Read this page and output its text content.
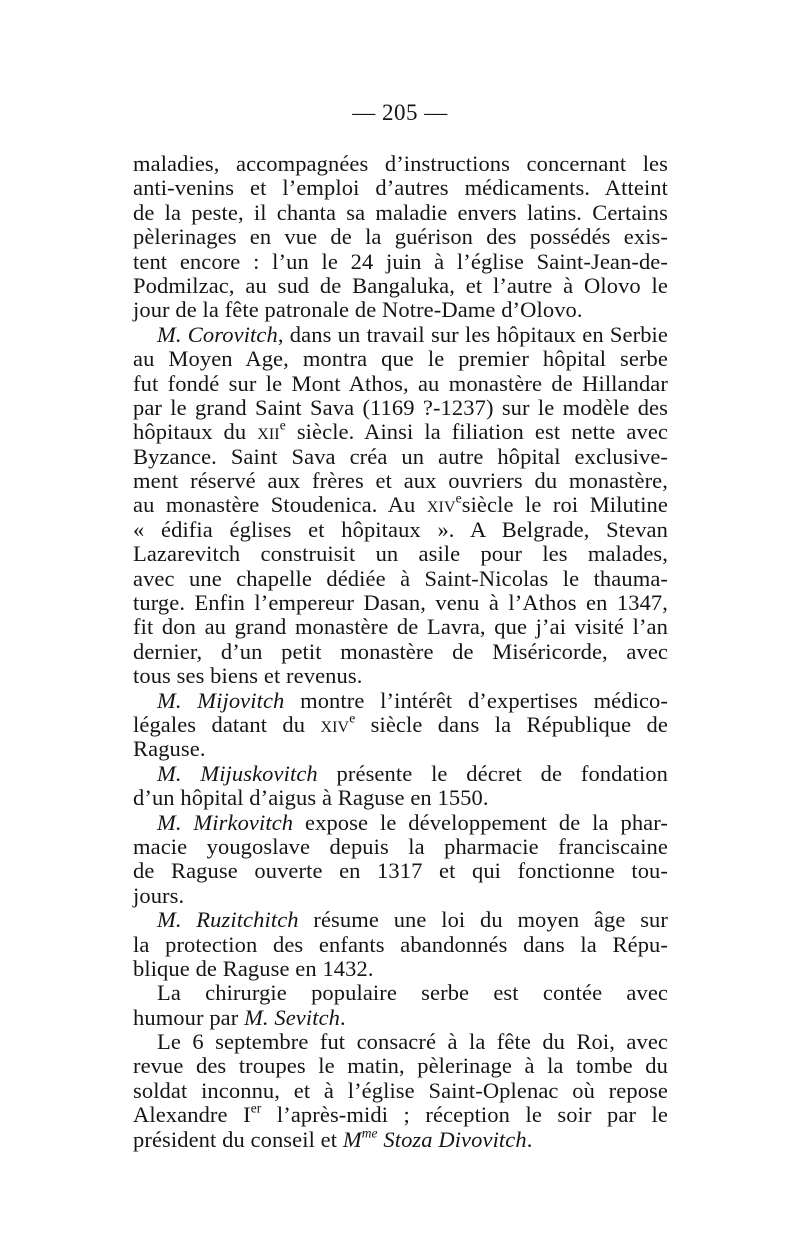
— 205 —
maladies, accompagnées d’instructions concernant les
anti-venins et l’emploi d’autres médicaments. Atteint
de la peste, il chanta sa maladie envers latins. Certains
pèlerinages en vue de la guérison des possédés exis-
tent encore : l’un le 24 juin à l’église Saint-Jean-de-
Podmilzac, au sud de Bangaluka, et l’autre à Olovo le
jour de la fête patronale de Notre-Dame d’Olovo.
M. Corovitch, dans un travail sur les hôpitaux en Serbie
au Moyen Age, montra que le premier hôpital serbe
fut fondé sur le Mont Athos, au monastère de Hillandar
par le grand Saint Sava (1169 ?-1237) sur le modèle des
hôpitaux du xii$^e$ siècle. Ainsi la filiation est nette avec
Byzance. Saint Sava créa un autre hôpital exclusive-
ment réservé aux frères et aux ouvriers du monastère,
au monastère Stoudenica. Au xiv$^e$siècle le roi Milutine
« édifia églises et hôpitaux ». A Belgrade, Stevan
Lazarevitch construisit un asile pour les malades,
avec une chapelle dédiée à Saint-Nicolas le thauma-
turge. Enfin l’empereur Dasan, venu à l’Athos en 1347,
fit don au grand monastère de Lavra, que j’ai visité l’an
dernier, d’un petit monastère de Miséricorde, avec
tous ses biens et revenus.
M. Mijovitch montre l’intérêt d’expertises médico-
légales datant du xiv$^e$ siècle dans la République de
Raguse.
M. Mijuskovitch présente le décret de fondation
d’un hôpital d’aigus à Raguse en 1550.
M. Mirkovitch expose le développement de la phar-
macie yougoslave depuis la pharmacie franciscaine
de Raguse ouverte en 1317 et qui fonctionne tou-
jours.
M. Ruzitchitch résume une loi du moyen âge sur
la protection des enfants abandonnés dans la Répu-
blique de Raguse en 1432.
La chirurgie populaire serbe est contée avec
humour par M. Sevitch.
Le 6 septembre fut consacré à la fête du Roi, avec
revue des troupes le matin, pèlerinage à la tombe du
soldat inconnu, et à l’église Saint-Oplenac où repose
Alexandre Ier l’après-midi ; réception le soir par le
président du conseil et $M^{me}$ Stoza Divovitch.
